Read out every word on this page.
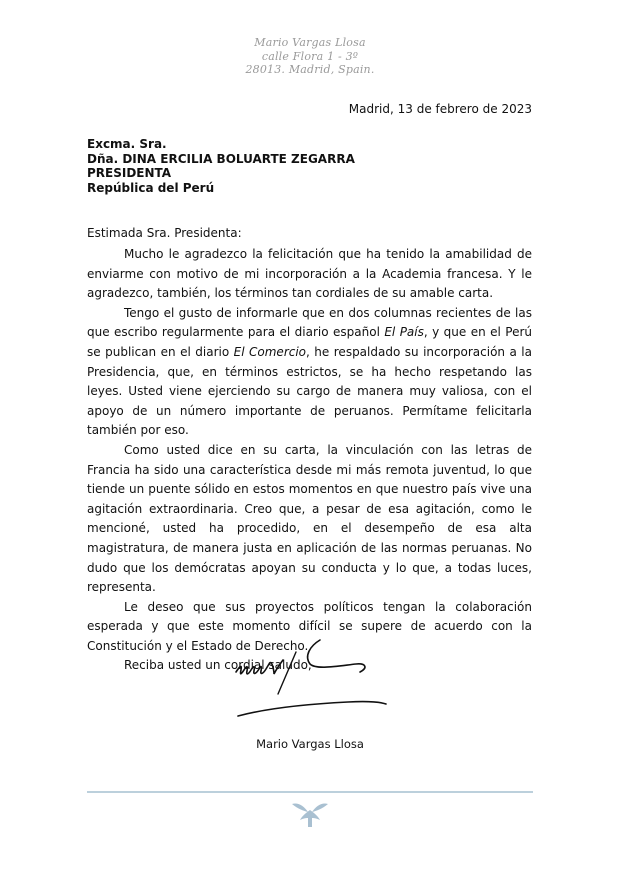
Mario Vargas Llosa
calle Flora 1 - 3º
28013. Madrid, Spain.
Madrid, 13 de febrero de 2023
Excma. Sra.
Dña. DINA ERCILIA BOLUARTE ZEGARRA
PRESIDENTA
República del Perú
Estimada Sra. Presidenta:

Mucho le agradezco la felicitación que ha tenido la amabilidad de enviarme con motivo de mi incorporación a la Academia francesa. Y le agradezco, también, los términos tan cordiales de su amable carta.

Tengo el gusto de informarle que en dos columnas recientes de las que escribo regularmente para el diario español El País, y que en el Perú se publican en el diario El Comercio, he respaldado su incorporación a la Presidencia, que, en términos estrictos, se ha hecho respetando las leyes. Usted viene ejerciendo su cargo de manera muy valiosa, con el apoyo de un número importante de peruanos. Permítame felicitarla también por eso.

Como usted dice en su carta, la vinculación con las letras de Francia ha sido una característica desde mi más remota juventud, lo que tiende un puente sólido en estos momentos en que nuestro país vive una agitación extraordinaria. Creo que, a pesar de esa agitación, como le mencioné, usted ha procedido, en el desempeño de esa alta magistratura, de manera justa en aplicación de las normas peruanas. No dudo que los demócratas apoyan su conducta y lo que, a todas luces, representa.

Le deseo que sus proyectos políticos tengan la colaboración esperada y que este momento difícil se supere de acuerdo con la Constitución y el Estado de Derecho.

Reciba usted un cordial saludo,

Mario Vargas Llosa
